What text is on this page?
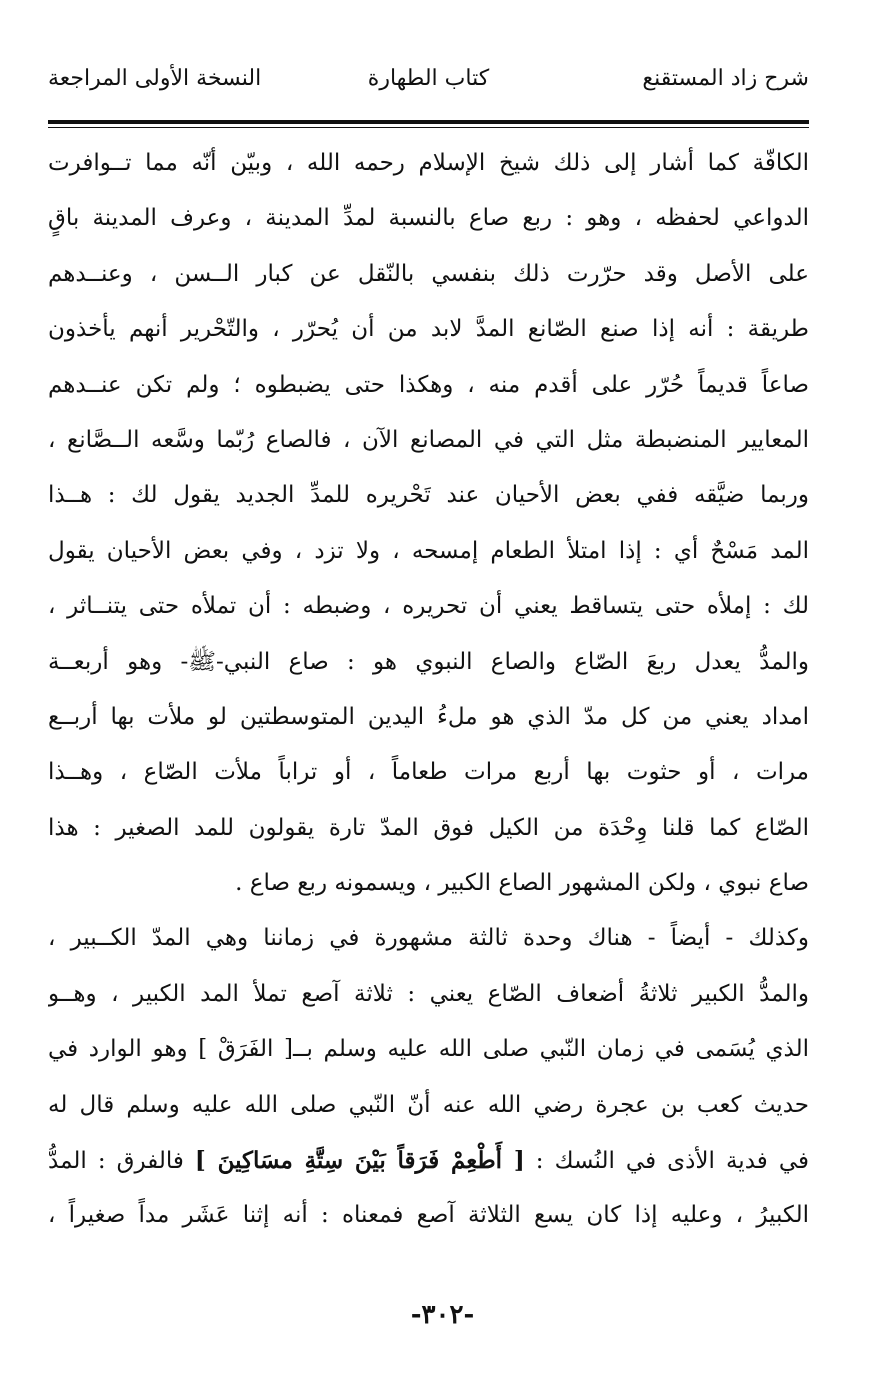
شرح زاد المستقنع
كتاب الطهارة
النسخة الأولى المراجعة
الكافّة كما أشار إلى ذلك شيخ الإسلام رحمه الله ، وبيّن أنّه مما تــوافرت
الدواعي لحفظه ، وهو : ربع صاع بالنسبة لمدِّ المدينة ، وعرف المدينة باقٍ
على الأصل وقد حرّرت ذلك بنفسي بالنّقل عن كبار الــسن ، وعنــدهم
طريقة : أنه إذا صنع الصّانع المدَّ لابد من أن يُحرّر ، والتّحْرير أنهم يأخذون
صاعاً قديماً حُرّر على أقدم منه ، وهكذا حتى يضبطوه ؛ ولم تكن عنــدهم
المعايير المنضبطة مثل التي في المصانع الآن ، فالصاع رُبّما وسَّعه الــصَّانع ،
وربما ضيَّقه ففي بعض الأحيان عند تَحْريره للمدِّ الجديد يقول لك : هــذا
المد مَسْحٌ أي : إذا امتلأ الطعام إمسحه ، ولا تزد ، وفي بعض الأحيان يقول
لك : إملأه حتى يتساقط يعني أن تحريره ، وضبطه : أن تملأه حتى يتنــاثر ،
والمدُّ يعدل ربعَ الصّاع والصاع النبوي هو : صاع النبي-ﷺ- وهو أربعــة
امداد يعني من كل مدّ الذي هو ملءُ اليدين المتوسطتين لو ملأت بها أربــع
مرات ، أو حثوت بها أربع مرات طعاماً ، أو تراباً ملأت الصّاع ، وهــذا
الصّاع كما قلنا وِحْدَة من الكيل فوق المدّ تارة يقولون للمد الصغير : هذا
صاع نبوي ، ولكن المشهور الصاع الكبير ، ويسمونه ربع صاع .
وكذلك - أيضاً - هناك وحدة ثالثة مشهورة في زماننا وهي المدّ الكــبير ،
والمدُّ الكبير ثلاثةُ أضعاف الصّاع يعني : ثلاثة آصع تملأ المد الكبير ، وهــو
الذي يُسَمى في زمان النّبي صلى الله عليه وسلم بــ[ الفَرَقْ ] وهو الوارد في
حديث كعب بن عجرة رضي الله عنه أنّ النّبي صلى الله عليه وسلم قال له
في فدية الأذى في النُسك : [ أَطْعِمْ فَرَقاً بَيْنَ سِتَّةِ مسَاكِينَ ] فالفرق : المدُّ
الكبيرُ ، وعليه إذا كان يسع الثلاثة آصع فمعناه : أنه إثنا عَشَر مداً صغيراً ،
-٣٠٢-
